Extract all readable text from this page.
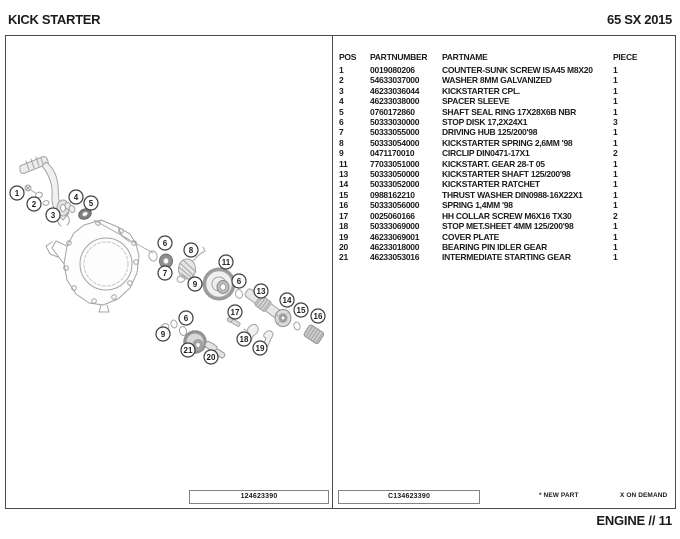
KICK STARTER	65 SX 2015
1
2
3
4
5
6
7
8
9
11
6
13
14
15
16
17
18
19
6
9
21
20
POS	PARTNUMBER	PARTNAME	PIECE
1	0019080206	COUNTER-SUNK SCREW ISA45 M8X20	1
2	54633037000	WASHER 8MM GALVANIZED	1
3	46233036044	KICKSTARTER CPL.	1
4	46233038000	SPACER SLEEVE	1
5	0760172860	SHAFT SEAL RING 17X28X6B NBR	1
6	50333030000	STOP DISK 17,2X24X1	3
7	50333055000	DRIVING HUB 125/200'98	1
8	50333054000	KICKSTARTER SPRING 2,6MM '98	1
9	0471170010	CIRCLIP DIN0471-17X1	2
11	77033051000	KICKSTART. GEAR 28-T 05	1
13	50333050000	KICKSTARTER SHAFT 125/200'98	1
14	50333052000	KICKSTARTER RATCHET	1
15	0988162210	THRUST WASHER DIN0988-16X22X1	1
16	50333056000	SPRING 1,4MM '98	1
17	0025060166	HH COLLAR SCREW M6X16 TX30	2
18	50333069000	STOP MET.SHEET 4MM 125/200'98	1
19	46233069001	COVER PLATE	1
20	46233018000	BEARING PIN IDLER GEAR	1
21	46233053016	INTERMEDIATE STARTING GEAR	1
124623390	C134623390	* NEW PART	X ON DEMAND
ENGINE // 11
